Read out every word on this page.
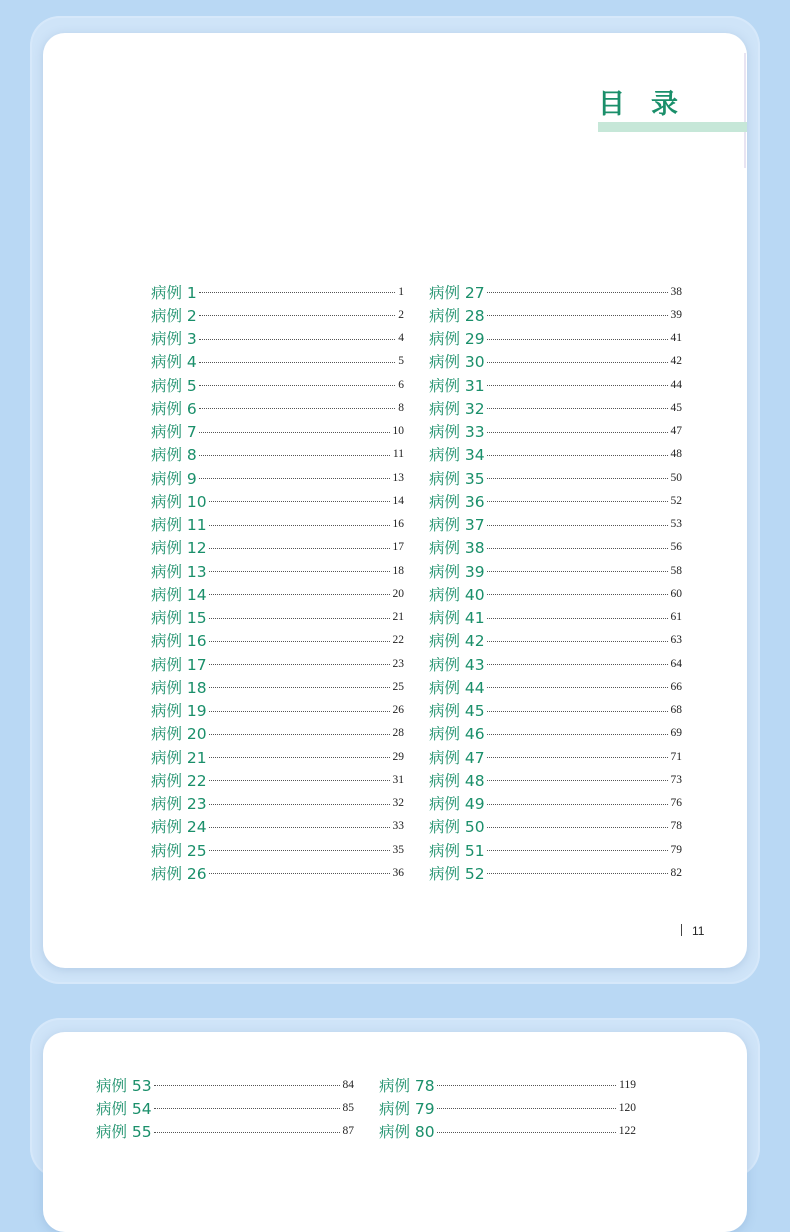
目录
病例 1	1
病例 2	2
病例 3	4
病例 4	5
病例 5	6
病例 6	8
病例 7	10
病例 8	11
病例 9	13
病例 10	14
病例 11	16
病例 12	17
病例 13	18
病例 14	20
病例 15	21
病例 16	22
病例 17	23
病例 18	25
病例 19	26
病例 20	28
病例 21	29
病例 22	31
病例 23	32
病例 24	33
病例 25	35
病例 26	36
病例 27	38
病例 28	39
病例 29	41
病例 30	42
病例 31	44
病例 32	45
病例 33	47
病例 34	48
病例 35	50
病例 36	52
病例 37	53
病例 38	56
病例 39	58
病例 40	60
病例 41	61
病例 42	63
病例 43	64
病例 44	66
病例 45	68
病例 46	69
病例 47	71
病例 48	73
病例 49	76
病例 50	78
病例 51	79
病例 52	82
11
病例 53	84
病例 54	85
病例 55	87
病例 78	119
病例 79	120
病例 80	122
